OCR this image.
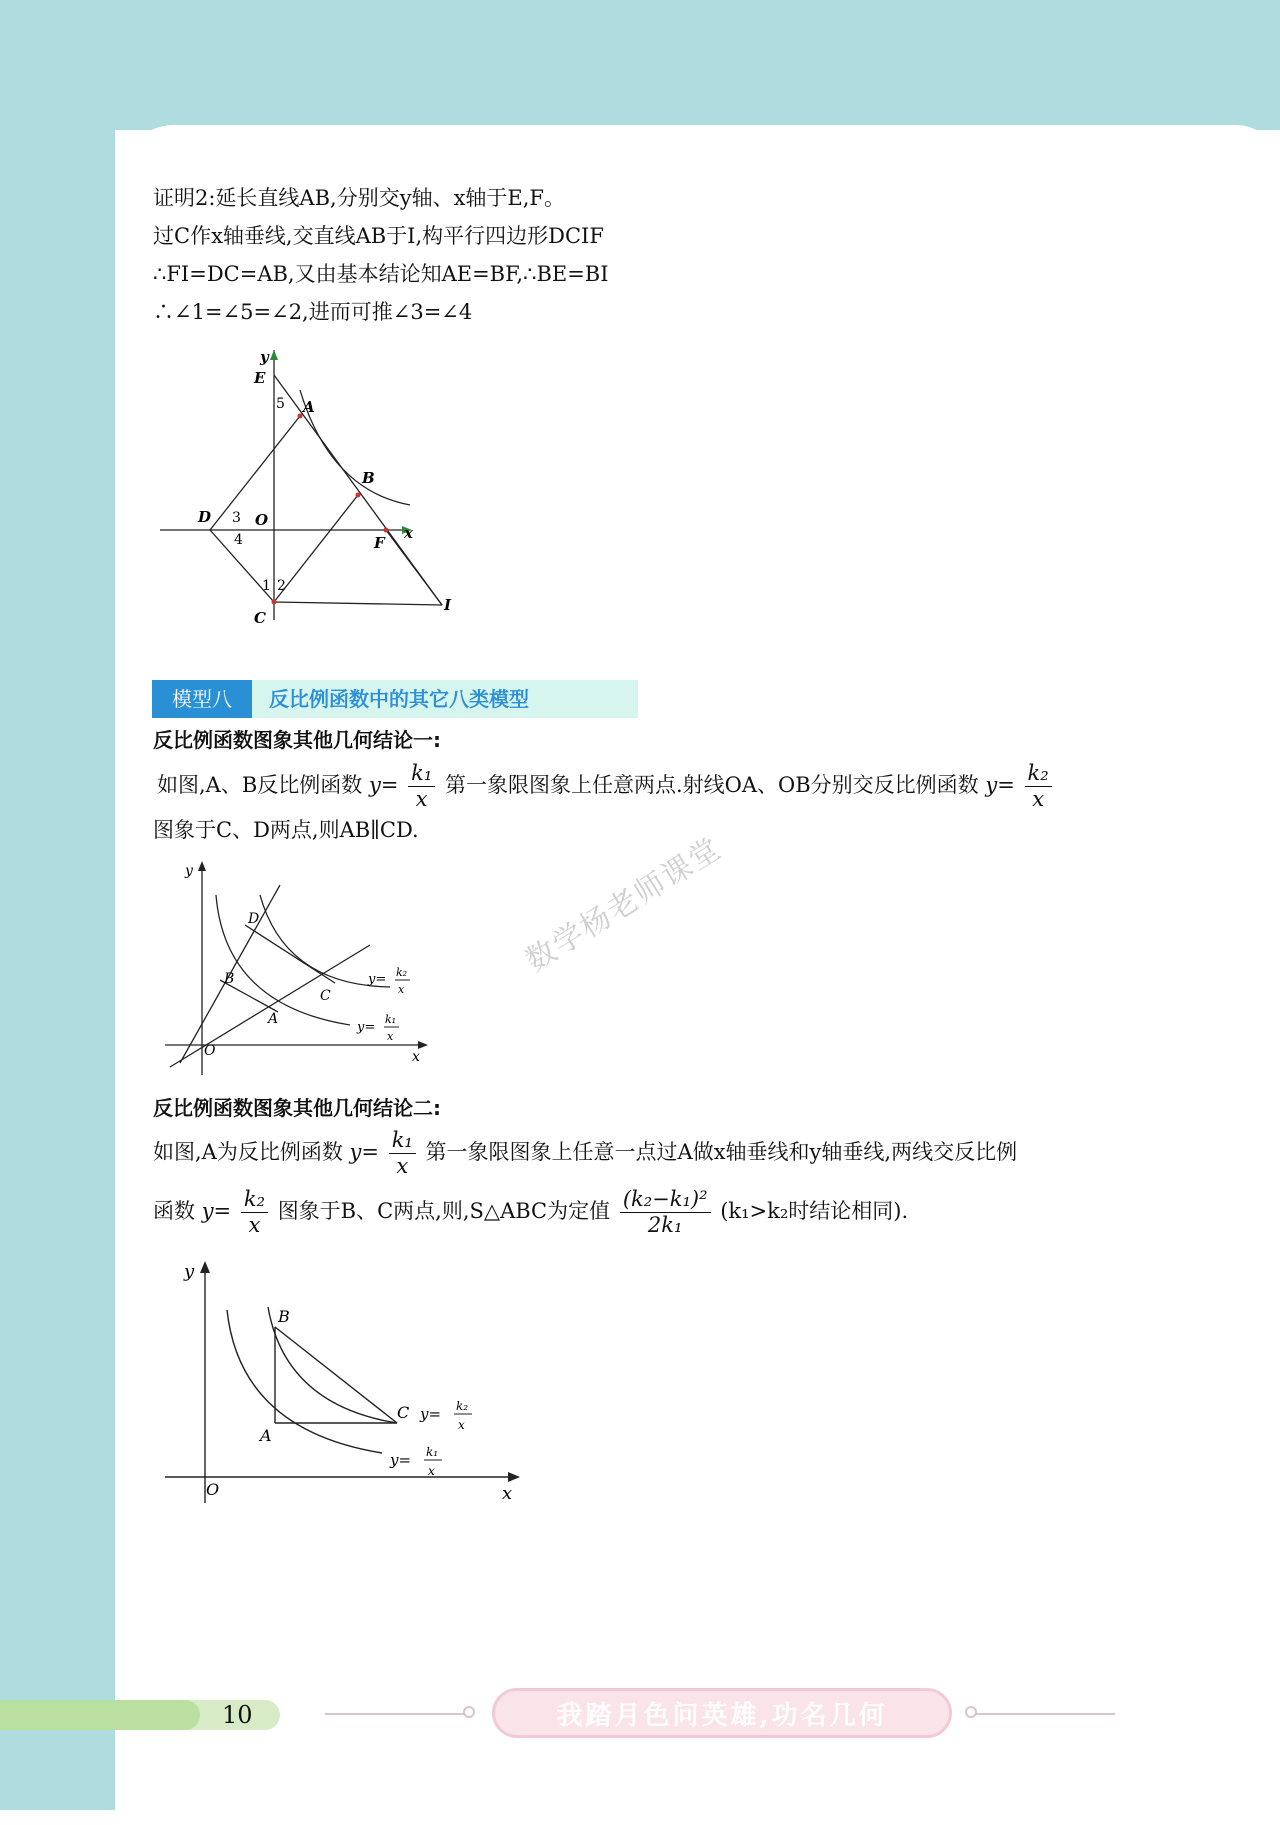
证明2:延长直线AB,分别交y轴、x轴于E,F。
过C作x轴垂线,交直线AB于I,构平行四边形DCIF
∴FI=DC=AB,又由基本结论知AE=BF,∴BE=BI
∴∠1=∠5=∠2,进而可推∠3=∠4
y
E
5 A
B
D 3 O
4	F
x
1 2
C
I
反比例函数中的其它八类模型
模型八
反比例函数图象其他几何结论一:
如图,A、B反比例函数 $y= \frac{\text{k₁}}{x}$ 第一象限图象上任意两点.射线OA、OB分别交反比例函数 $y= \frac{\text{k₂}}{x}$
图象于C、D两点,则AB∥CD.
y
D
B
C
A
O	x
y= k₂
x
y=
k₁
x
数学杨老师课堂
反比例函数图象其他几何结论二:
如图,A为反比例函数 $y= \frac{\text{k₁}}{x}$ 第一象限图象上任意一点过A做x轴垂线和y轴垂线,两线交反比例
函数 $y= \frac{\text{k₂}}{x}$ 图象于B、C两点,则,S△ABC为定值 $\frac{\text{(k₂−k₁)²}}{\text{2k₁}} (k_1>k_2$时结论相同).
y
B
C
A
O	x
y= k₂
x
y= k₁
x
10	我踏月色问英雄,功名几何
